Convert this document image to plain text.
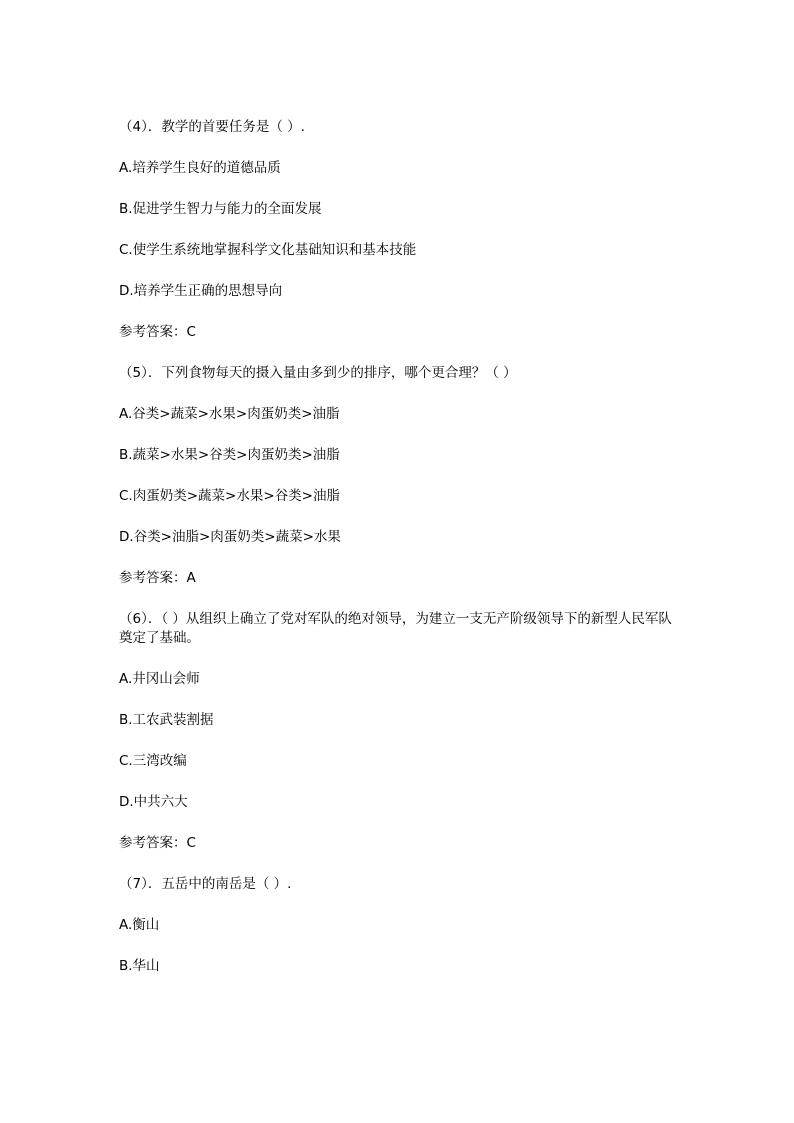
（4）．教学的首要任务是（ ）.

A.培养学生良好的道德品质

B.促进学生智力与能力的全面发展

C.使学生系统地掌握科学文化基础知识和基本技能

D.培养学生正确的思想导向

参考答案：C

（5）．下列食物每天的摄入量由多到少的排序，哪个更合理？（ ）

A.谷类>蔬菜>水果>肉蛋奶类>油脂

B.蔬菜>水果>谷类>肉蛋奶类>油脂

C.肉蛋奶类>蔬菜>水果>谷类>油脂

D.谷类>油脂>肉蛋奶类>蔬菜>水果

参考答案：A

（6）．（ ）从组织上确立了党对军队的绝对领导，为建立一支无产阶级领导下的新型人民军队奠定了基础。

A.井冈山会师

B.工农武装割据

C.三湾改编

D.中共六大

参考答案：C

（7）．五岳中的南岳是（ ）.

A.衡山

B.华山
